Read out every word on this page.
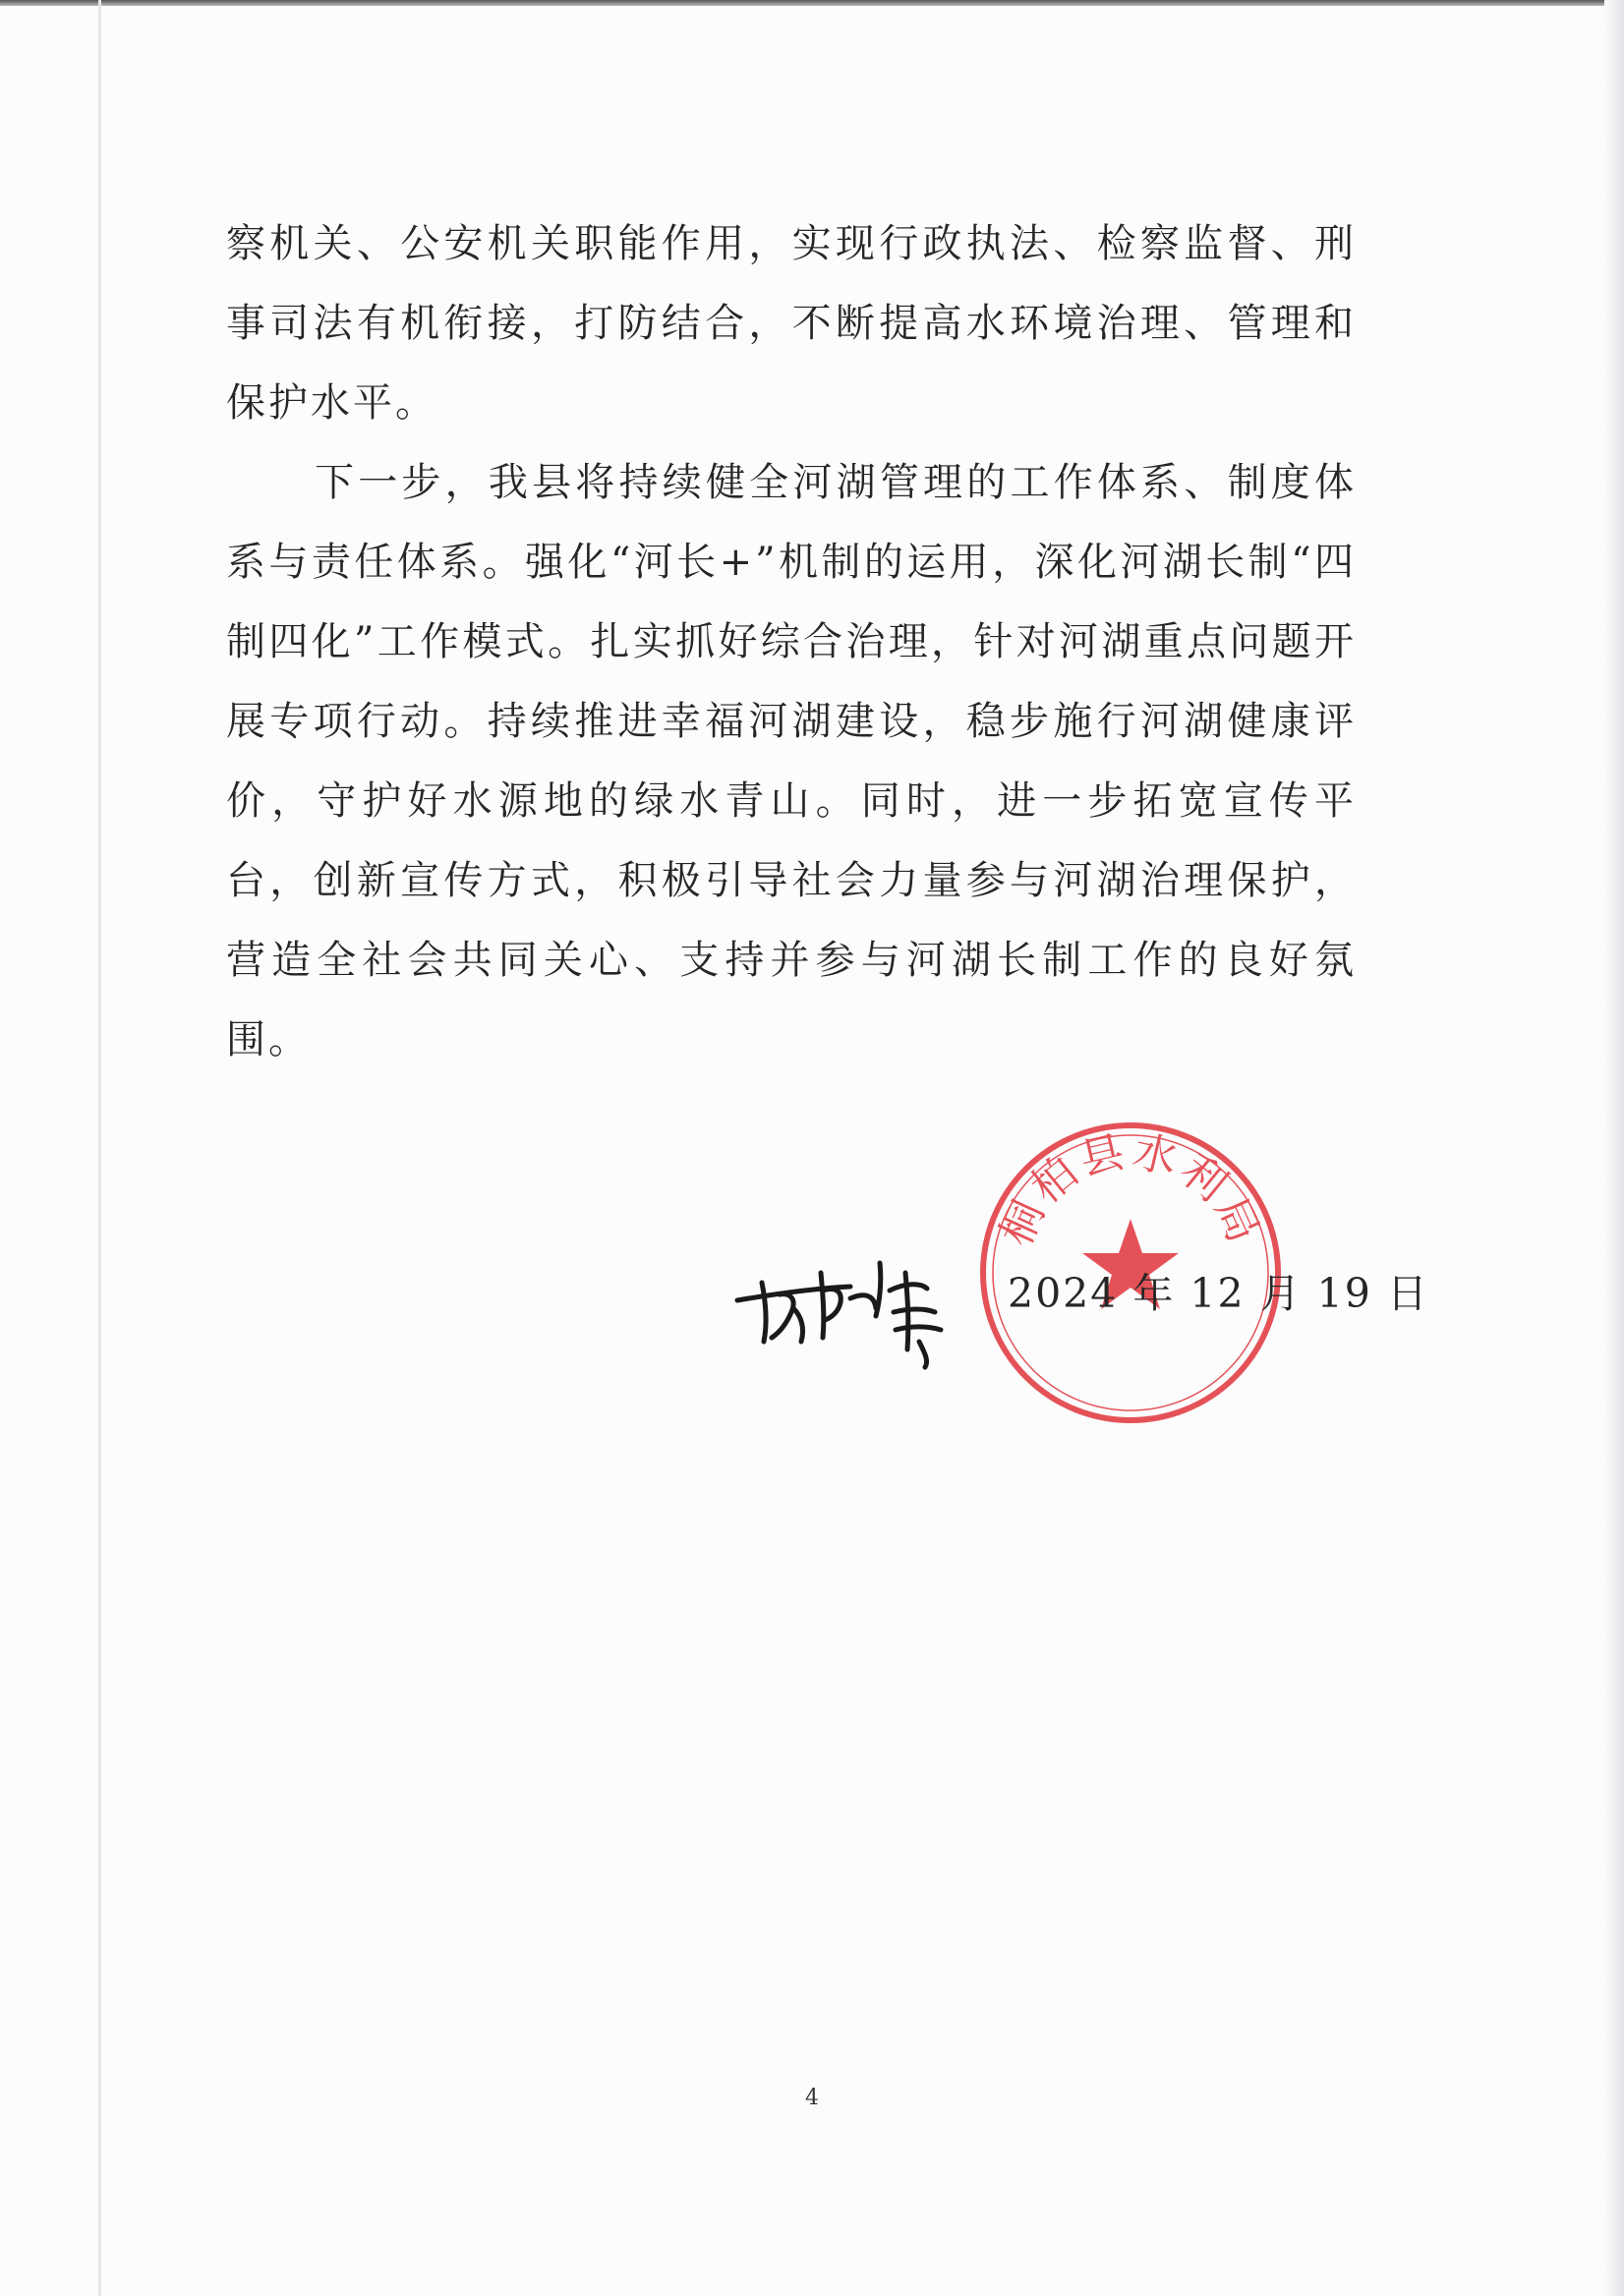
察机关、公安机关职能作用，实现行政执法、检察监督、刑事司法有机衔接，打防结合，不断提高水环境治理、管理和保护水平。

下一步，我县将持续健全河湖管理的工作体系、制度体系与责任体系。强化“河长+”机制的运用，深化河湖长制“四制四化”工作模式。扎实抓好综合治理，针对河湖重点问题开展专项行动。持续推进幸福河湖建设，稳步施行河湖健康评价，守护好水源地的绿水青山。同时，进一步拓宽宣传平台，创新宣传方式，积极引导社会力量参与河湖治理保护，营造全社会共同关心、支持并参与河湖长制工作的良好氛围。

桐柏县水利局
2024 年 12 月 19 日
4
